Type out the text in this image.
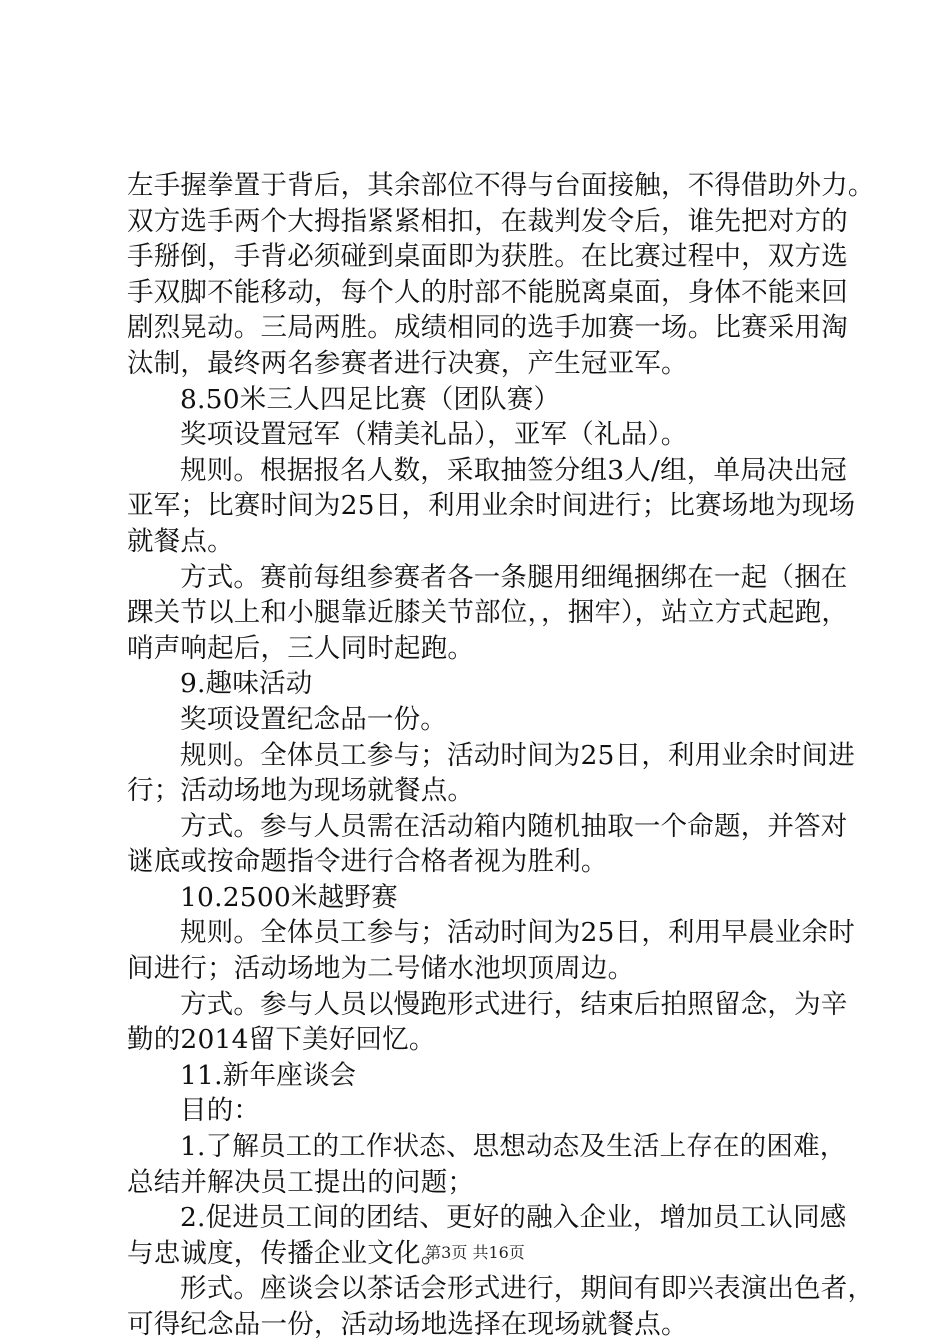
左手握拳置于背后，其余部位不得与台面接触，不得借助外力。
双方选手两个大拇指紧紧相扣，在裁判发令后，谁先把对方的
手掰倒，手背必须碰到桌面即为获胜。在比赛过程中，双方选
手双脚不能移动，每个人的肘部不能脱离桌面，身体不能来回
剧烈晃动。三局两胜。成绩相同的选手加赛一场。比赛采用淘
汰制，最终两名参赛者进行决赛，产生冠亚军。
8.50米三人四足比赛（团队赛）
奖项设置冠军（精美礼品），亚军（礼品）。
规则。根据报名人数，采取抽签分组3人/组，单局决出冠
亚军；比赛时间为25日，利用业余时间进行；比赛场地为现场
就餐点。
方式。赛前每组参赛者各一条腿用细绳捆绑在一起（捆在
踝关节以上和小腿靠近膝关节部位，，捆牢），站立方式起跑，
哨声响起后，三人同时起跑。
9.趣味活动
奖项设置纪念品一份。
规则。全体员工参与；活动时间为25日，利用业余时间进
行；活动场地为现场就餐点。
方式。参与人员需在活动箱内随机抽取一个命题，并答对
谜底或按命题指令进行合格者视为胜利。
10.2500米越野赛
规则。全体员工参与；活动时间为25日，利用早晨业余时
间进行；活动场地为二号储水池坝顶周边。
方式。参与人员以慢跑形式进行，结束后拍照留念，为辛
勤的2014留下美好回忆。
11.新年座谈会
目的：
1.了解员工的工作状态、思想动态及生活上存在的困难，
总结并解决员工提出的问题；
2.促进员工间的团结、更好的融入企业，增加员工认同感
与忠诚度，传播企业文化。
形式。座谈会以茶话会形式进行，期间有即兴表演出色者，
可得纪念品一份，活动场地选择在现场就餐点。
第3页 共16页
